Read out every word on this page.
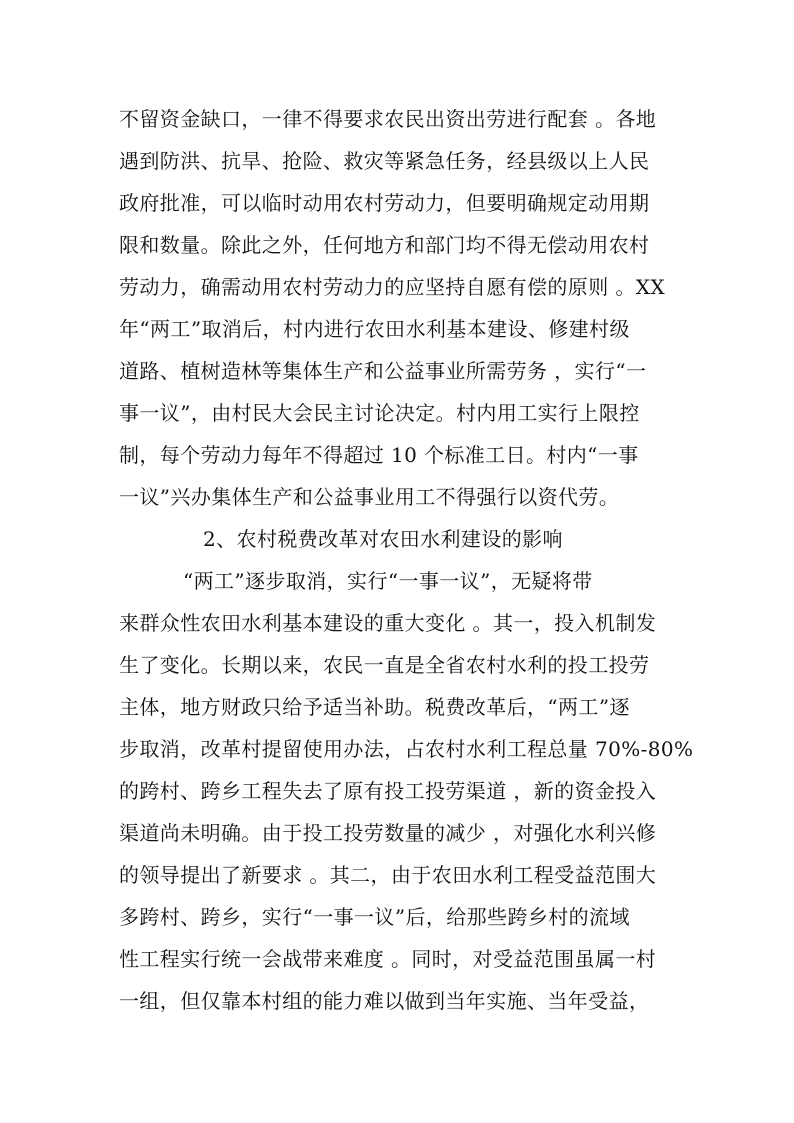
不留资金缺口，一律不得要求农民出资出劳进行配套 。各地
遇到防洪、抗旱、抢险、救灾等紧急任务，经县级以上人民
政府批准，可以临时动用农村劳动力，但要明确规定动用期
限和数量。除此之外，任何地方和部门均不得无偿动用农村
劳动力，确需动用农村劳动力的应坚持自愿有偿的原则 。XX
年“两工”取消后，村内进行农田水利基本建设、修建村级
道路、植树造林等集体生产和公益事业所需劳务 ，实行“一
事一议”，由村民大会民主讨论决定。村内用工实行上限控
制，每个劳动力每年不得超过 10 个标准工日。村内“一事
一议”兴办集体生产和公益事业用工不得强行以资代劳。
2、农村税费改革对农田水利建设的影响
“两工”逐步取消，实行“一事一议”，无疑将带
来群众性农田水利基本建设的重大变化 。其一，投入机制发
生了变化。长期以来，农民一直是全省农村水利的投工投劳
主体，地方财政只给予适当补助。税费改革后，“两工”逐
步取消，改革村提留使用办法，占农村水利工程总量 70%-80%
的跨村、跨乡工程失去了原有投工投劳渠道 ，新的资金投入
渠道尚未明确。由于投工投劳数量的减少 ，对强化水利兴修
的领导提出了新要求 。其二，由于农田水利工程受益范围大
多跨村、跨乡，实行“一事一议”后，给那些跨乡村的流域
性工程实行统一会战带来难度 。同时，对受益范围虽属一村
一组，但仅靠本村组的能力难以做到当年实施、当年受益，
